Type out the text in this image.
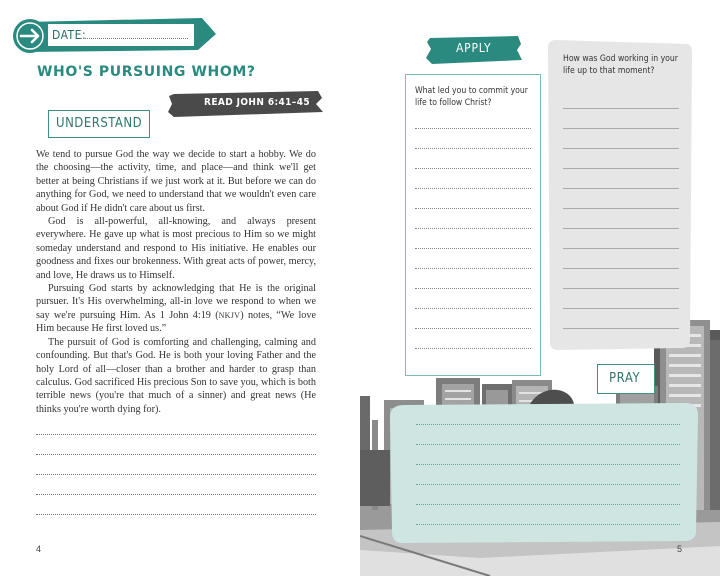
DATE:
WHO'S PURSUING WHOM?
READ JOHN 6:41–45
UNDERSTAND

We tend to pursue God the way we decide to start a hobby. We do the choosing—the activity, time, and place—and think we'll get better at being Christians if we just work at it. But before we can do anything for God, we need to understand that we wouldn't even care about God if He didn't care about us first.

God is all-powerful, all-knowing, and always present everywhere. He gave up what is most precious to Him so we might someday understand and respond to His initiative. He enables our goodness and fixes our brokenness. With great acts of power, mercy, and love, He draws us to Himself.

Pursuing God starts by acknowledging that He is the original pursuer. It's His overwhelming, all-in love we respond to when we say we're pursuing Him. As 1 John 4:19 (NKJV) notes, “We love Him because He first loved us.”

The pursuit of God is comforting and challenging, calming and confounding. But that's God. He is both your loving Father and the holy Lord of all—closer than a brother and harder to grasp than calculus. God sacrificed His precious Son to save you, which is both terrible news (you're that much of a sinner) and great news (He thinks you're worth dying for).

4
APPLY
What led you to commit your life to follow Christ?
How was God working in your life up to that moment?
PRAY
5
